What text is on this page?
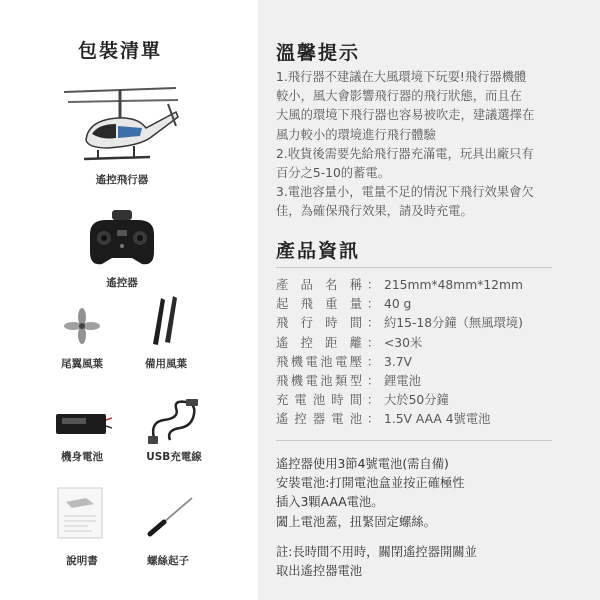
包裝清單
遙控飛行器
遙控器
尾翼風葉	備用風葉
機身電池	USB充電線
說明書	螺絲起子
溫馨提示
1.飛行器不建議在大風環境下玩耍!飛行器機體
較小，風大會影響飛行器的飛行狀態，而且在
大風的環境下飛行器也容易被吹走，建議選擇在
風力較小的環境進行飛行體驗
2.收貨後需要先給飛行器充滿電，玩具出廠只有
百分之5-10的蓄電。
3.電池容量小，電量不足的情況下飛行效果會欠
佳，為確保飛行效果，請及時充電。
產品資訊
產品名稱 ： 215mm*48mm*12mm
起飛重量 ： 40 g
飛行時間 ： 約15-18分鐘（無風環境)
遙控距離 ： <30米
飛機電池電壓 ： 3.7V
飛機電池類型 ： 鋰電池
充電池時間 ： 大於50分鐘
遙控器電池 ： 1.5V AAA 4號電池
遙控器使用3節4號電池(需自備)
安裝電池:打開電池盒並按正確極性
插入3顆AAA電池。
闔上電池蓋，扭緊固定螺絲。
註:長時間不用時，關閉遙控器開關並
取出遙控器電池
